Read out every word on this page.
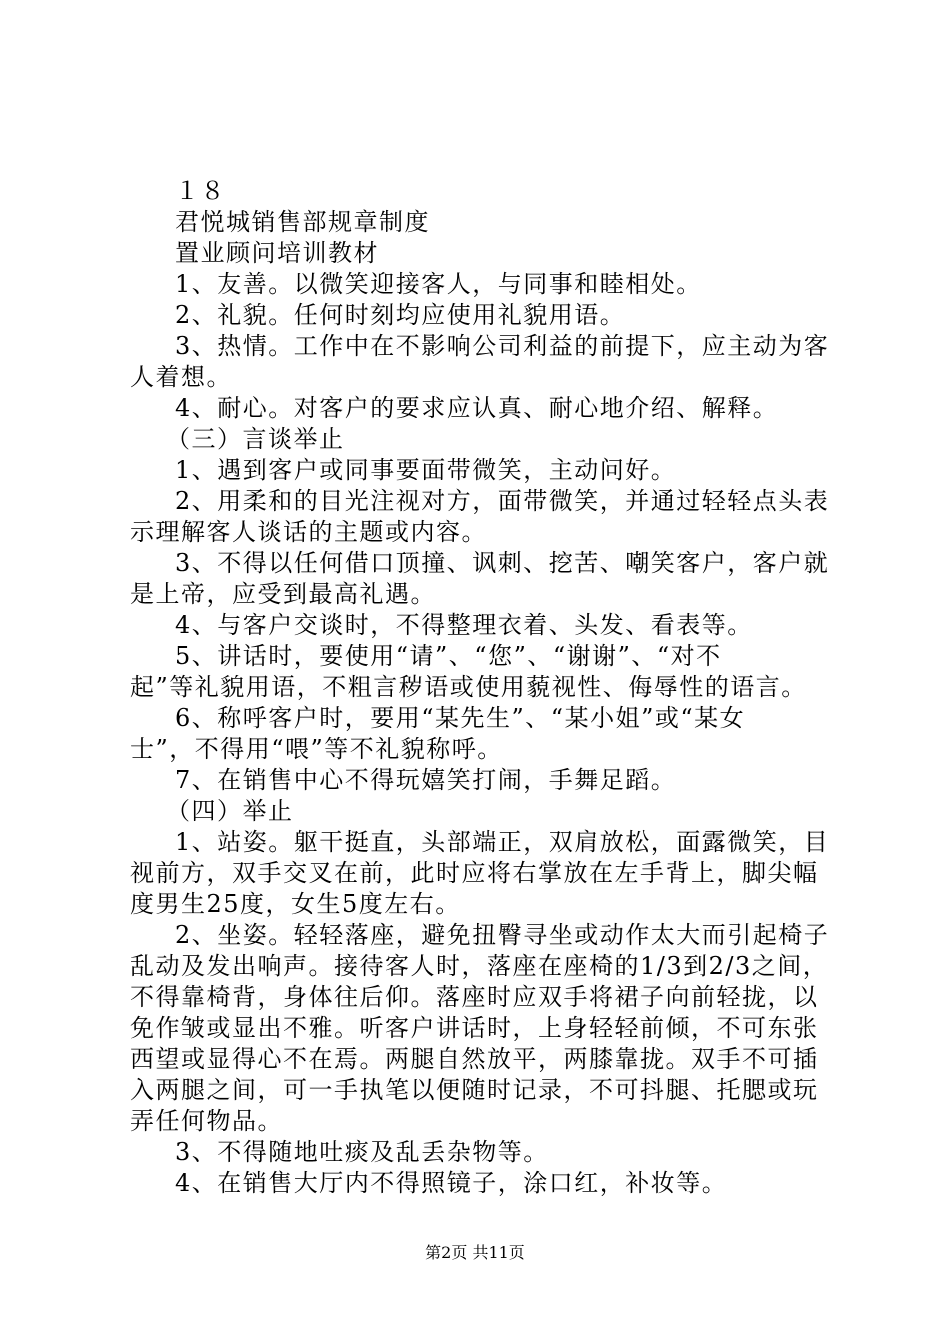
１８
君悦城销售部规章制度
置业顾问培训教材
1、友善。以微笑迎接客人，与同事和睦相处。
2、礼貌。任何时刻均应使用礼貌用语。
3、热情。工作中在不影响公司利益的前提下，应主动为客
人着想。
4、耐心。对客户的要求应认真、耐心地介绍、解释。
（三）言谈举止
1、遇到客户或同事要面带微笑，主动问好。
2、用柔和的目光注视对方，面带微笑，并通过轻轻点头表
示理解客人谈话的主题或内容。
3、不得以任何借口顶撞、讽刺、挖苦、嘲笑客户，客户就
是上帝，应受到最高礼遇。
4、与客户交谈时，不得整理衣着、头发、看表等。
5、讲话时，要使用“请”、“您”、“谢谢”、“对不
起”等礼貌用语，不粗言秽语或使用藐视性、侮辱性的语言。
6、称呼客户时，要用“某先生”、“某小姐”或“某女
士”，不得用“喂”等不礼貌称呼。
7、在销售中心不得玩嬉笑打闹，手舞足蹈。
（四）举止
1、站姿。躯干挺直，头部端正，双肩放松，面露微笑，目
视前方，双手交叉在前，此时应将右掌放在左手背上，脚尖幅
度男生25度，女生5度左右。
2、坐姿。轻轻落座，避免扭臀寻坐或动作太大而引起椅子
乱动及发出响声。接待客人时，落座在座椅的1/3到2/3之间，
不得靠椅背，身体往后仰。落座时应双手将裙子向前轻拢，以
免作皱或显出不雅。听客户讲话时，上身轻轻前倾，不可东张
西望或显得心不在焉。两腿自然放平，两膝靠拢。双手不可插
入两腿之间，可一手执笔以便随时记录，不可抖腿、托腮或玩
弄任何物品。
3、不得随地吐痰及乱丢杂物等。
4、在销售大厅内不得照镜子，涂口红，补妆等。
第2页 共11页
